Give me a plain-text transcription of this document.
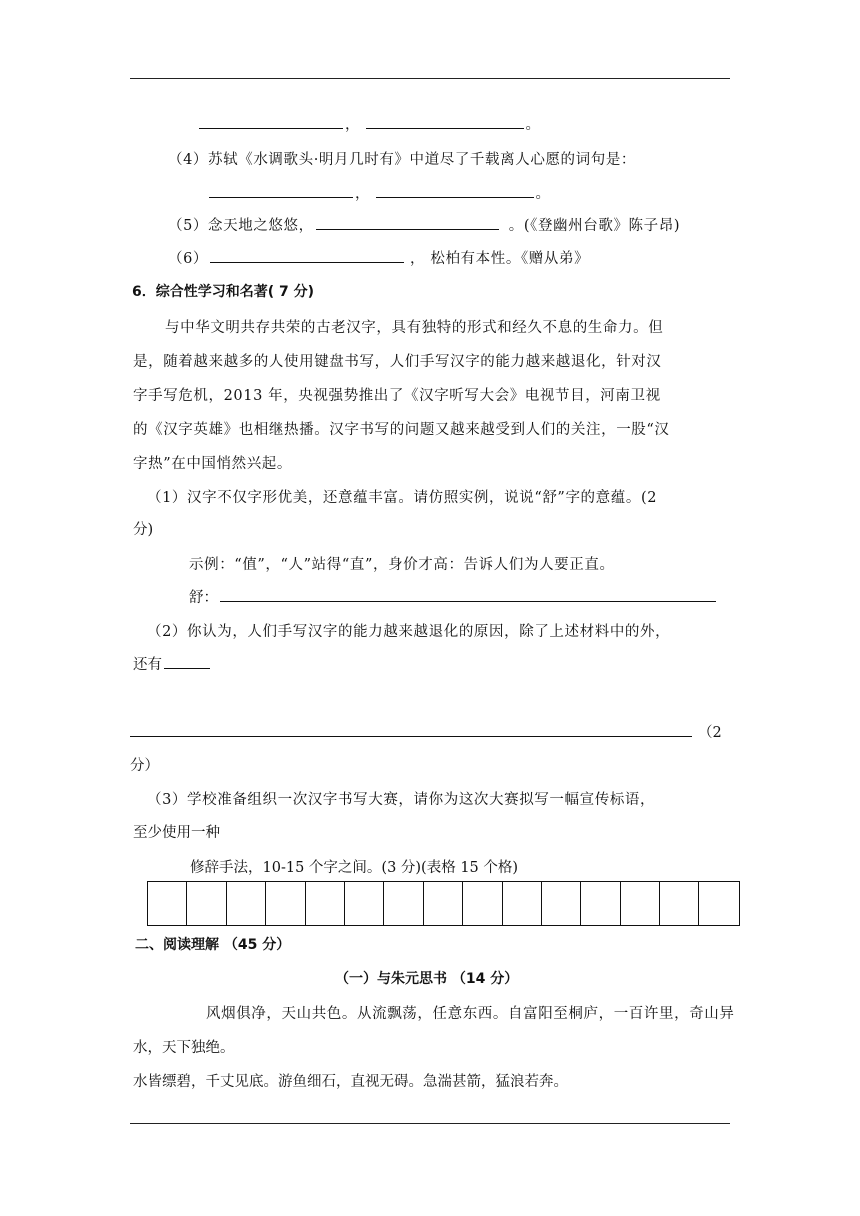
，	。
（4）苏轼《水调歌头·明月几时有》中道尽了千载离人心愿的词句是：
，	。
（5）念天地之悠悠，	。(《登幽州台歌》陈子昂)
（6）	， 松柏有本性。《赠从弟》
6．综合性学习和名著( 7 分)
与中华文明共存共荣的古老汉字，具有独特的形式和经久不息的生命力。但
是，随着越来越多的人使用键盘书写，人们手写汉字的能力越来越退化，针对汉
字手写危机，2013 年，央视强势推出了《汉字听写大会》电视节目，河南卫视
的《汉字英雄》也相继热播。汉字书写的问题又越来越受到人们的关注，一股“汉
字热”在中国悄然兴起。
（1）汉字不仅字形优美，还意蕴丰富。请仿照实例，说说“舒”字的意蕴。(2
分)
示例：“值”，“人”站得“直”，身价才高：告诉人们为人要正直。
舒：
（2）你认为，人们手写汉字的能力越来越退化的原因，除了上述材料中的外，
还有
（2
分）
（3）学校准备组织一次汉字书写大赛，请你为这次大赛拟写一幅宣传标语，
至少使用一种
修辞手法，10-15 个字之间。(3 分)(表格 15 个格)
二、阅读理解 （45 分）
（一）与朱元思书 （14 分）
风烟俱净，天山共色。从流飘荡，任意东西。自富阳至桐庐，一百许里，奇山异
水，天下独绝。
水皆缥碧，千丈见底。游鱼细石，直视无碍。急湍甚箭，猛浪若奔。
